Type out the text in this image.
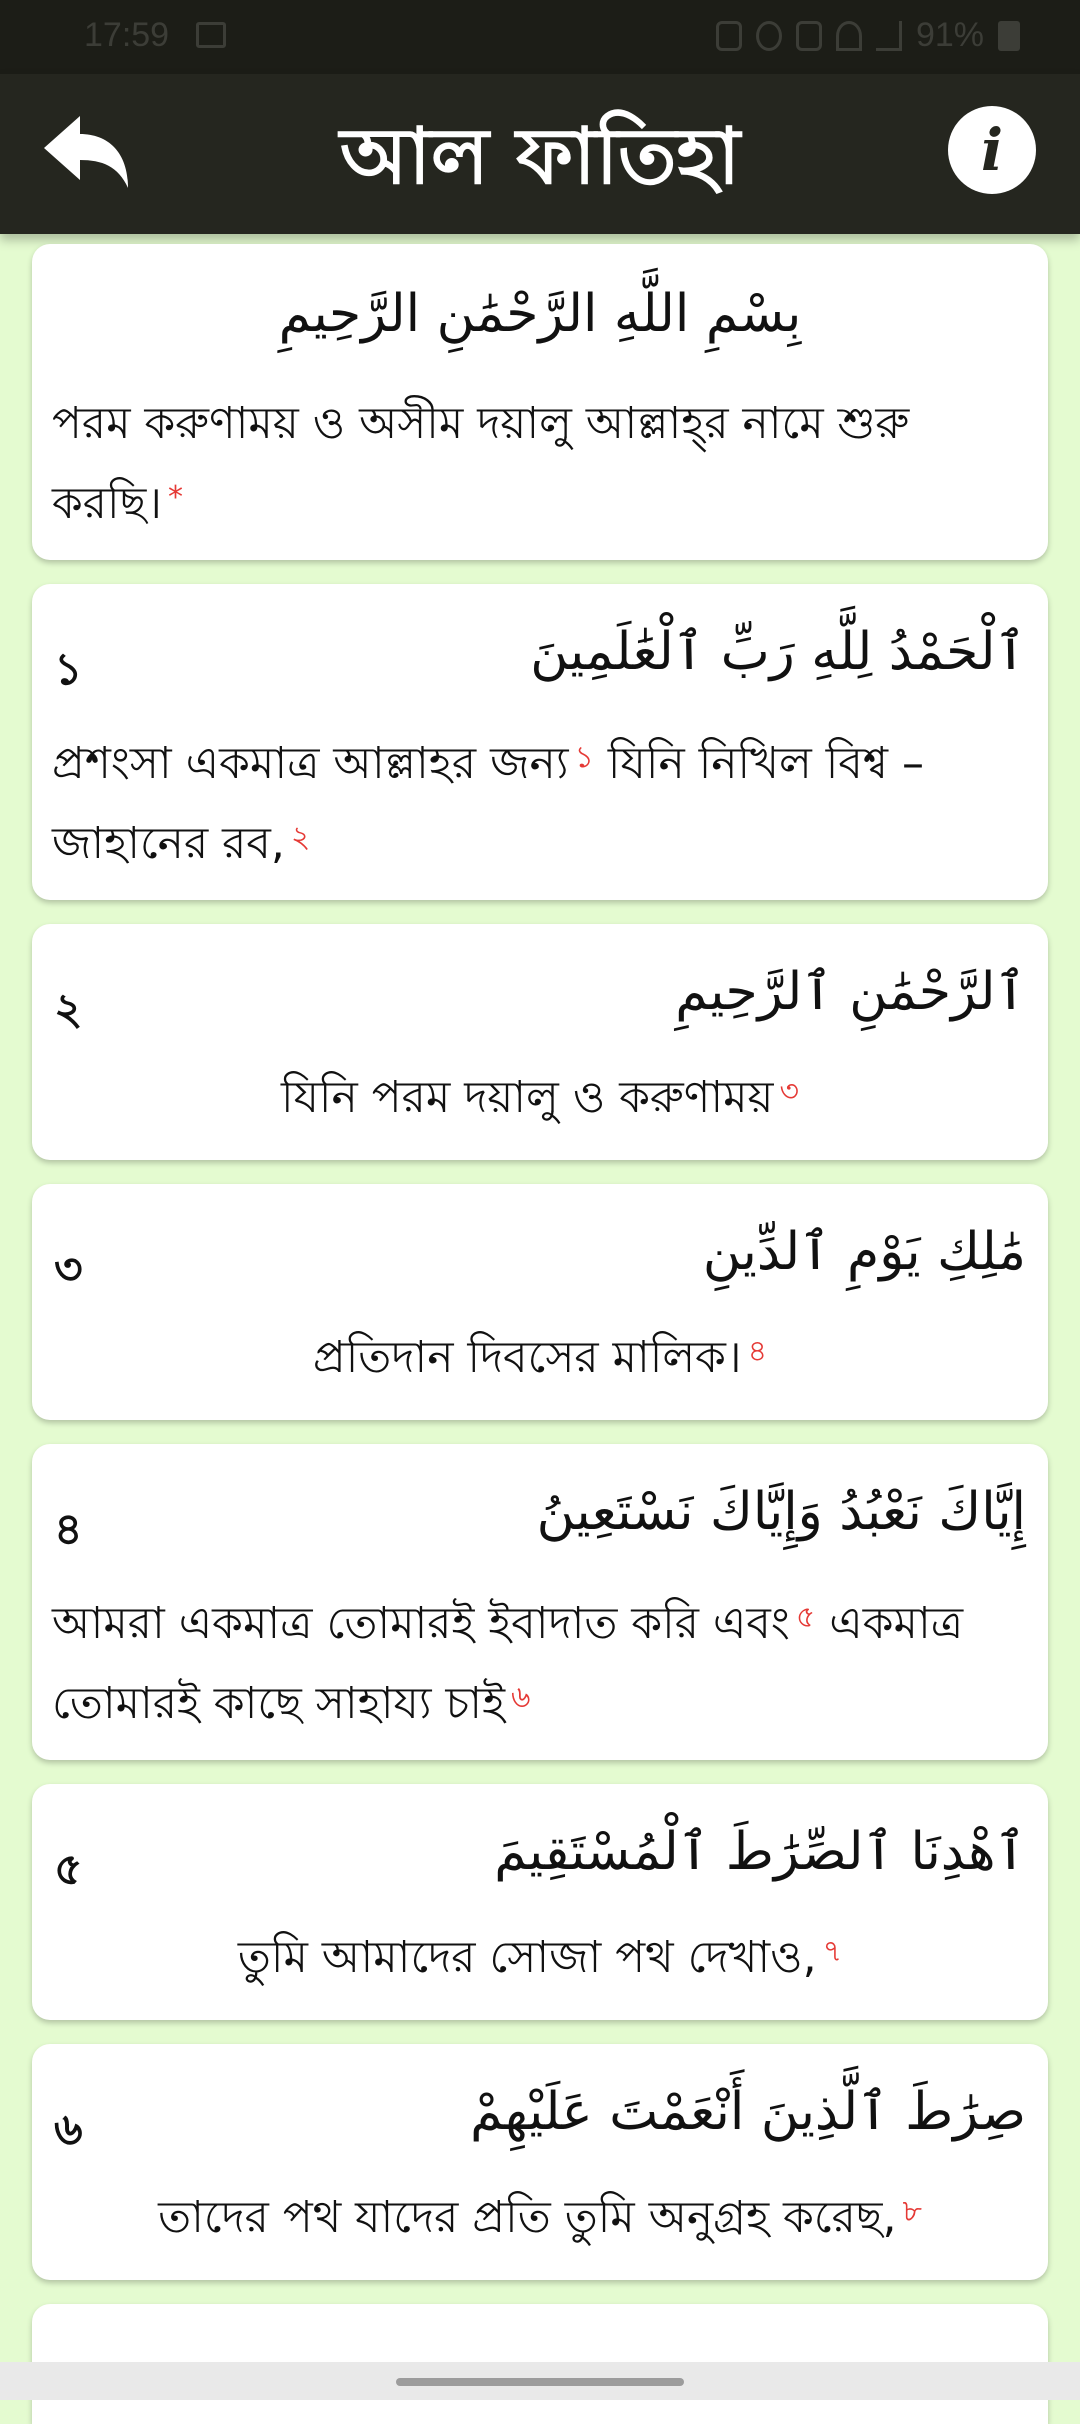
17:59	91%
আল ফাতিহা	i
بِسْمِ اللَّهِ الرَّحْمَٰنِ الرَّحِيمِ
পরম করুণাময় ও অসীম দয়ালু আল্লাহ্‌র নামে শুরু করছি। *
১	ٱلْحَمْدُ لِلَّهِ رَبِّ ٱلْعَٰلَمِينَ
প্রশংসা একমাত্র আল্লাহর জন্য $^১$ যিনি নিখিল বিশ্ব – জাহানের রব, $^২$
২	ٱلرَّحْمَٰنِ ٱلرَّحِيمِ
যিনি পরম দয়ালু ও করুণাময় $^৩$
৩	مَٰلِكِ يَوْمِ ٱلدِّينِ
প্রতিদান দিবসের মালিক। $^৪$
৪	إِيَّاكَ نَعْبُدُ وَإِيَّاكَ نَسْتَعِينُ
আমরা একমাত্র তোমারই ইবাদাত করি এবং $^৫$ একমাত্র তোমারই কাছে সাহায্য চাই $^৬$
৫	ٱهْدِنَا ٱلصِّرَٰطَ ٱلْمُسْتَقِيمَ
তুমি আমাদের সোজা পথ দেখাও, $^৭$
৬	صِرَٰطَ ٱلَّذِينَ أَنْعَمْتَ عَلَيْهِمْ
তাদের পথ যাদের প্রতি তুমি অনুগ্রহ করেছ, $^৮$
